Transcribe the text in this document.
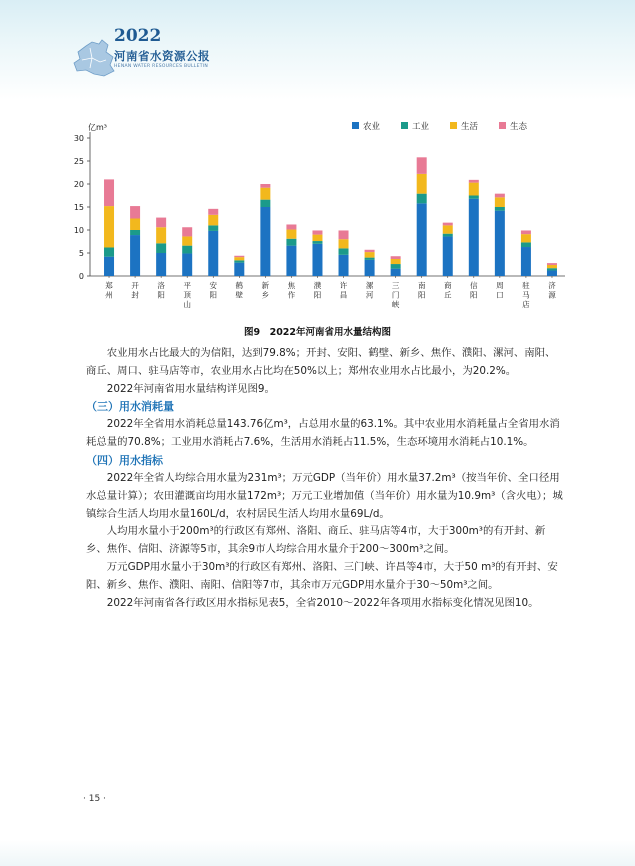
2022
河南省水资源公报
HENAN WATER RESOURCES BULLETIN
农业	工业	生活	生态
亿m³
0
5
10
15
20
25
30
郑州
开封
洛阳
平顶山
安阳
鹤壁
新乡
焦作
濮阳
许昌
漯河
三门峡
南阳
商丘
信阳
周口
驻马店
济源
图9　2022年河南省用水量结构图

农业用水占比最大的为信阳，达到79.8%；开封、安阳、鹤壁、新乡、焦作、濮阳、漯河、南阳、商丘、周口、驻马店等市，农业用水占比均在50%以上；郑州农业用水占比最小，为20.2%。

2022年河南省用水量结构详见图9。

（三）用水消耗量

2022年全省用水消耗总量143.76亿m³，占总用水量的63.1%。其中农业用水消耗量占全省用水消耗总量的70.8%；工业用水消耗占7.6%，生活用水消耗占11.5%，生态环境用水消耗占10.1%。

（四）用水指标

2022年全省人均综合用水量为231m³；万元GDP（当年价）用水量37.2m³（按当年价、全口径用水总量计算）；农田灌溉亩均用水量172m³；万元工业增加值（当年价）用水量为10.9m³（含火电）；城镇综合生活人均用水量160L/d，农村居民生活人均用水量69L/d。

人均用水量小于200m³的行政区有郑州、洛阳、商丘、驻马店等4市，大于300m³的有开封、新乡、焦作、信阳、济源等5市，其余9市人均综合用水量介于200～300m³之间。

万元GDP用水量小于30m³的行政区有郑州、洛阳、三门峡、许昌等4市，大于50 m³的有开封、安阳、新乡、焦作、濮阳、南阳、信阳等7市，其余市万元GDP用水量介于30～50m³之间。

2022年河南省各行政区用水指标见表5，全省2010～2022年各项用水指标变化情况见图10。

· 15 ·
